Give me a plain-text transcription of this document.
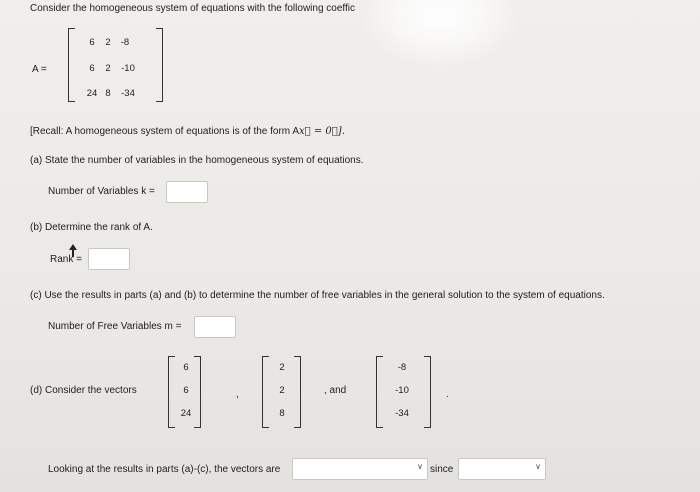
Consider the homogeneous system of equations with the following coeffic
A =
6	2	-8
6	2	-10
24 8	-34
[Recall: A homogeneous system of equations is of the form Ax⃗ = 0⃗].
(a) State the number of variables in the homogeneous system of equations.
Number of Variables k =
(b) Determine the rank of A.
Rank =
(c) Use the results in parts (a) and (b) to determine the number of free variables in the general solution to the system of equations.
Number of Free Variables m =
(d) Consider the vectors
6
6
24
,
2
2
8
, and
-8
-10
-34
.
Looking at the results in parts (a)-(c), the vectors are	∨ since	∨
